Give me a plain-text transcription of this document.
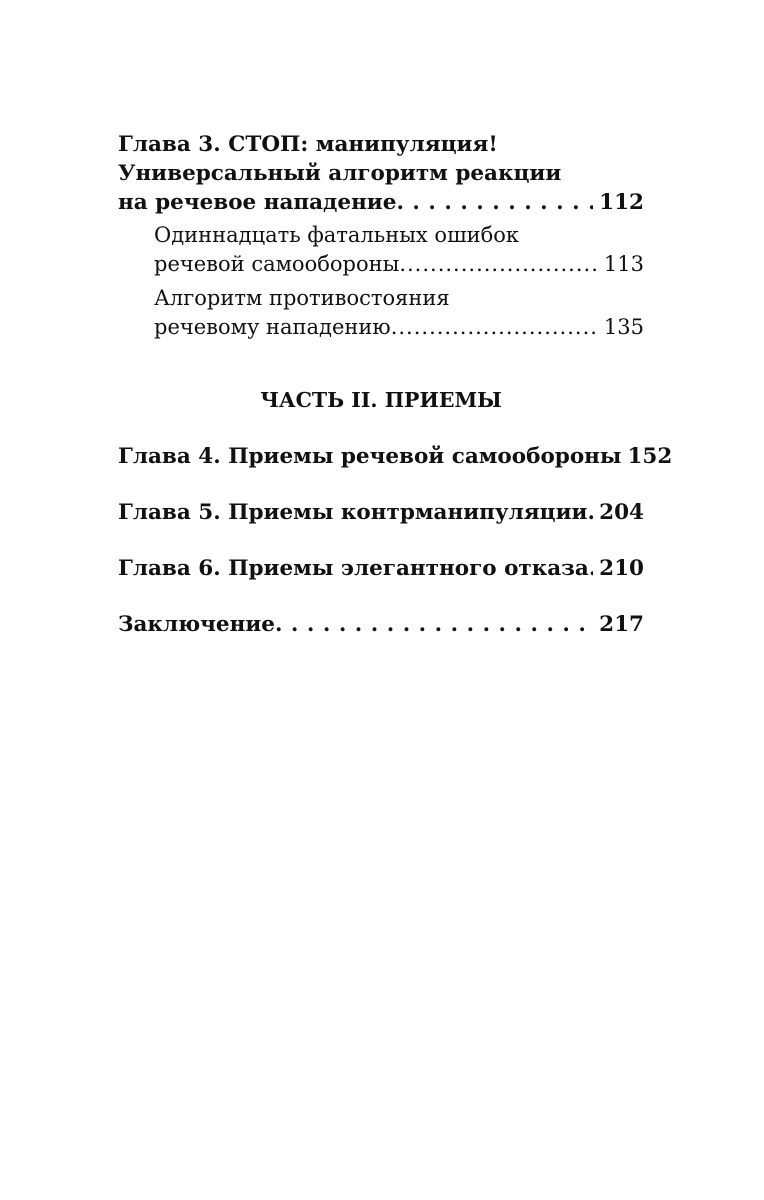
Глава 3. СТОП: манипуляция!
Универсальный алгоритм реакции
на речевое нападение . . .	112
Одиннадцать фатальных ошибок
речевой самообороны .....	113
Алгоритм противостояния
речевому нападению .....	135
ЧАСТЬ II. ПРИЕМЫ
Глава 4. Приемы речевой самообороны 152
Глава 5. Приемы контрманипуляции . . . 204
Глава 6. Приемы элегантного отказа . . . 210
Заключение . . .	217
